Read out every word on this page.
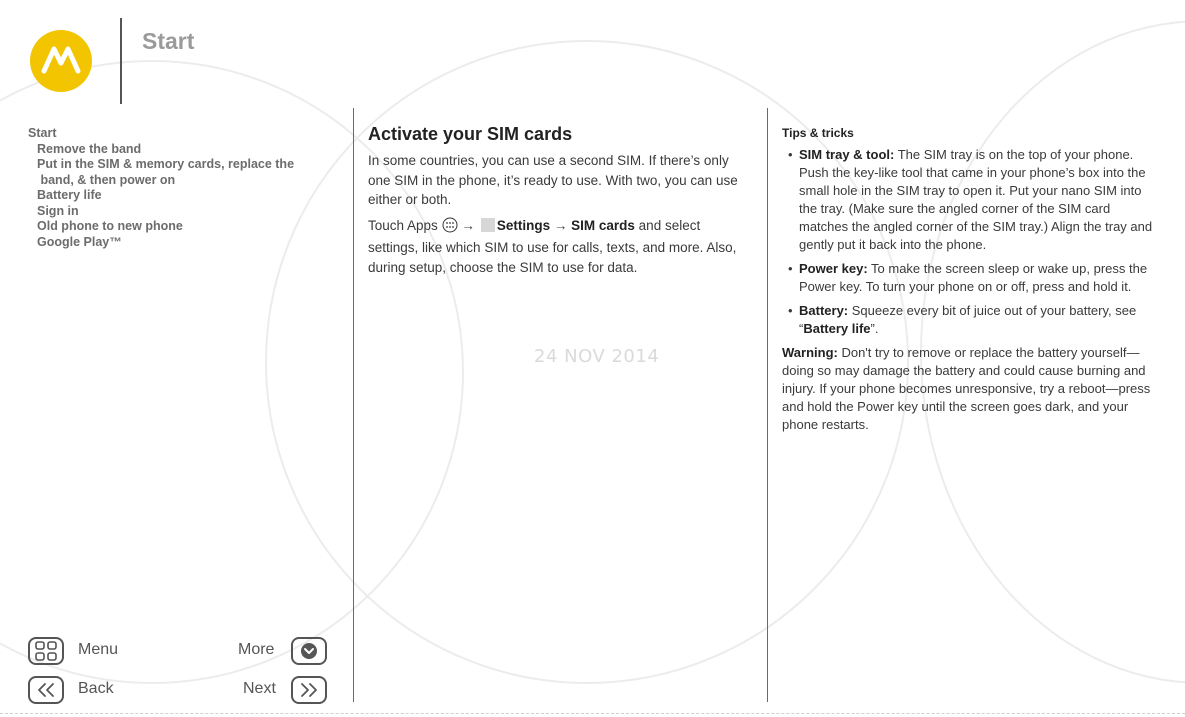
24 NOV 2014
Start
Start
Remove the band
Put in the SIM & memory cards, replace the
band, & then power on
Battery life
Sign in
Old phone to new phone
Google Play™
Menu	More
Back	Next
Activate your SIM cards

In some countries, you can use a second SIM. If there’s only one SIM in the phone, it’s ready to use. With two, you can use either or both.

Touch Apps → Settings → SIM cards and select settings, like which SIM to use for calls, texts, and more. Also, during setup, choose the SIM to use for data.

Tips & tricks
• SIM tray & tool: The SIM tray is on the top of your phone. Push the key-like tool that came in your phone’s box into the small hole in the SIM tray to open it. Put your nano SIM into the tray. (Make sure the angled corner of the SIM card matches the angled corner of the SIM tray.) Align the tray and gently put it back into the phone.
• Power key: To make the screen sleep or wake up, press the Power key. To turn your phone on or off, press and hold it.
• Battery: Squeeze every bit of juice out of your battery, see “Battery life”.
Warning: Don't try to remove or replace the battery yourself—doing so may damage the battery and could cause burning and injury. If your phone becomes unresponsive, try a reboot—press and hold the Power key until the screen goes dark, and your phone restarts.
